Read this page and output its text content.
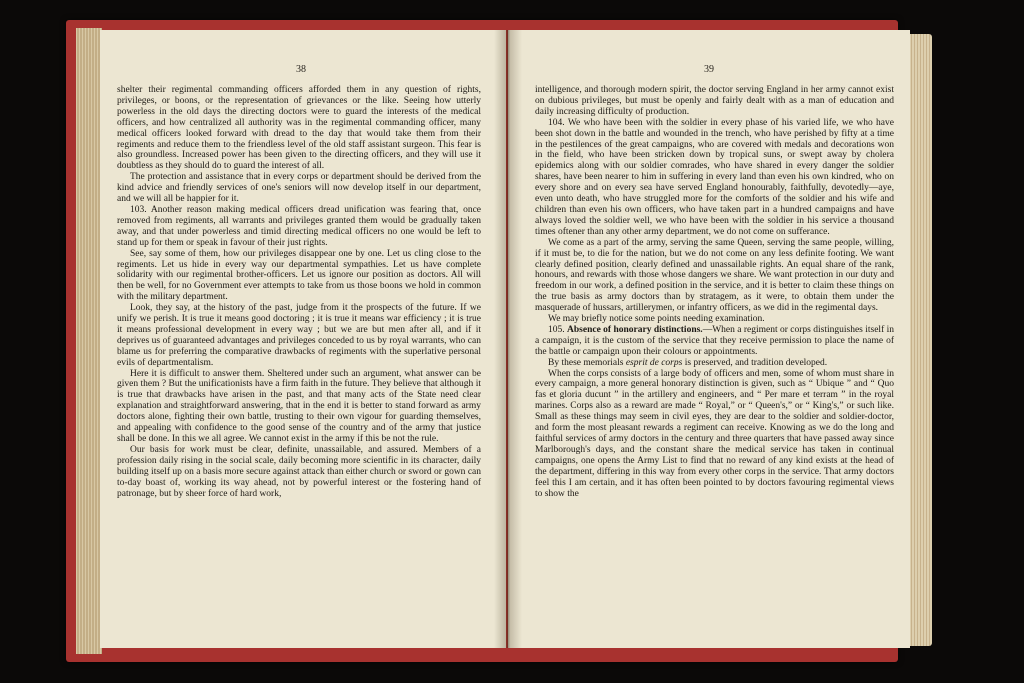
38

shelter their regimental commanding officers afforded them in any question of rights, privileges, or boons, or the representation of grievances or the like. Seeing how utterly powerless in the old days the directing doctors were to guard the interests of the medical officers, and how centralized all authority was in the regimental commanding officer, many medical officers looked forward with dread to the day that would take them from their regiments and reduce them to the friendless level of the old staff assistant surgeon. This fear is also groundless. Increased power has been given to the directing officers, and they will use it doubtless as they should do to guard the interest of all.

The protection and assistance that in every corps or department should be derived from the kind advice and friendly services of one's seniors will now develop itself in our department, and we will all be happier for it.

103. Another reason making medical officers dread unification was fearing that, once removed from regiments, all warrants and privileges granted them would be gradually taken away, and that under powerless and timid directing medical officers no one would be left to stand up for them or speak in favour of their just rights.

See, say some of them, how our privileges disappear one by one. Let us cling close to the regiments. Let us hide in every way our departmental sympathies. Let us have complete solidarity with our regimental brother-officers. Let us ignore our position as doctors. All will then be well, for no Government ever attempts to take from us those boons we hold in common with the military department.

Look, they say, at the history of the past, judge from it the prospects of the future. If we unify we perish. It is true it means good doctoring ; it is true it means war efficiency ; it is true it means professional development in every way ; but we are but men after all, and if it deprives us of guaranteed advantages and privileges conceded to us by royal warrants, who can blame us for preferring the comparative drawbacks of regiments with the superlative personal evils of departmentalism.

Here it is difficult to answer them. Sheltered under such an argument, what answer can be given them ? But the unificationists have a firm faith in the future. They believe that although it is true that drawbacks have arisen in the past, and that many acts of the State need clear explanation and straightforward answering, that in the end it is better to stand forward as army doctors alone, fighting their own battle, trusting to their own vigour for guarding themselves, and appealing with confidence to the good sense of the country and of the army that justice shall be done. In this we all agree. We cannot exist in the army if this be not the rule.

Our basis for work must be clear, definite, unassailable, and assured. Members of a profession daily rising in the social scale, daily becoming more scientific in its character, daily building itself up on a basis more secure against attack than either church or sword or gown can to-day boast of, working its way ahead, not by powerful interest or the fostering hand of patronage, but by sheer force of hard work,

39

intelligence, and thorough modern spirit, the doctor serving England in her army cannot exist on dubious privileges, but must be openly and fairly dealt with as a man of education and daily increasing difficulty of production.

104. We who have been with the soldier in every phase of his varied life, we who have been shot down in the battle and wounded in the trench, who have perished by fifty at a time in the pestilences of the great campaigns, who are covered with medals and decorations won in the field, who have been stricken down by tropical suns, or swept away by cholera epidemics along with our soldier comrades, who have shared in every danger the soldier shares, have been nearer to him in suffering in every land than even his own kindred, who on every shore and on every sea have served England honourably, faithfully, devotedly—aye, even unto death, who have struggled more for the comforts of the soldier and his wife and children than even his own officers, who have taken part in a hundred campaigns and have always loved the soldier well, we who have been with the soldier in his service a thousand times oftener than any other army department, we do not come on sufferance.

We come as a part of the army, serving the same Queen, serving the same people, willing, if it must be, to die for the nation, but we do not come on any less definite footing. We want clearly defined position, clearly defined and unassailable rights. An equal share of the rank, honours, and rewards with those whose dangers we share. We want protection in our duty and freedom in our work, a defined position in the service, and it is better to claim these things on the true basis as army doctors than by stratagem, as it were, to obtain them under the masquerade of hussars, artillerymen, or infantry officers, as we did in the regimental days.

We may briefly notice some points needing examination.

105. Absence of honorary distinctions.—When a regiment or corps distinguishes itself in a campaign, it is the custom of the service that they receive permission to place the name of the battle or campaign upon their colours or appointments.

By these memorials esprit de corps is preserved, and tradition developed.

When the corps consists of a large body of officers and men, some of whom must share in every campaign, a more general honorary distinction is given, such as “ Ubique ” and “ Quo fas et gloria ducunt ” in the artillery and engineers, and “ Per mare et terram ” in the royal marines. Corps also as a reward are made “ Royal,” or “ Queen's,” or “ King's,” or such like. Small as these things may seem in civil eyes, they are dear to the soldier and soldier-doctor, and form the most pleasant rewards a regiment can receive. Knowing as we do the long and faithful services of army doctors in the century and three quarters that have passed away since Marlborough's days, and the constant share the medical service has taken in continual campaigns, one opens the Army List to find that no reward of any kind exists at the head of the department, differing in this way from every other corps in the service. That army doctors feel this I am certain, and it has often been pointed to by doctors favouring regimental views to show the
